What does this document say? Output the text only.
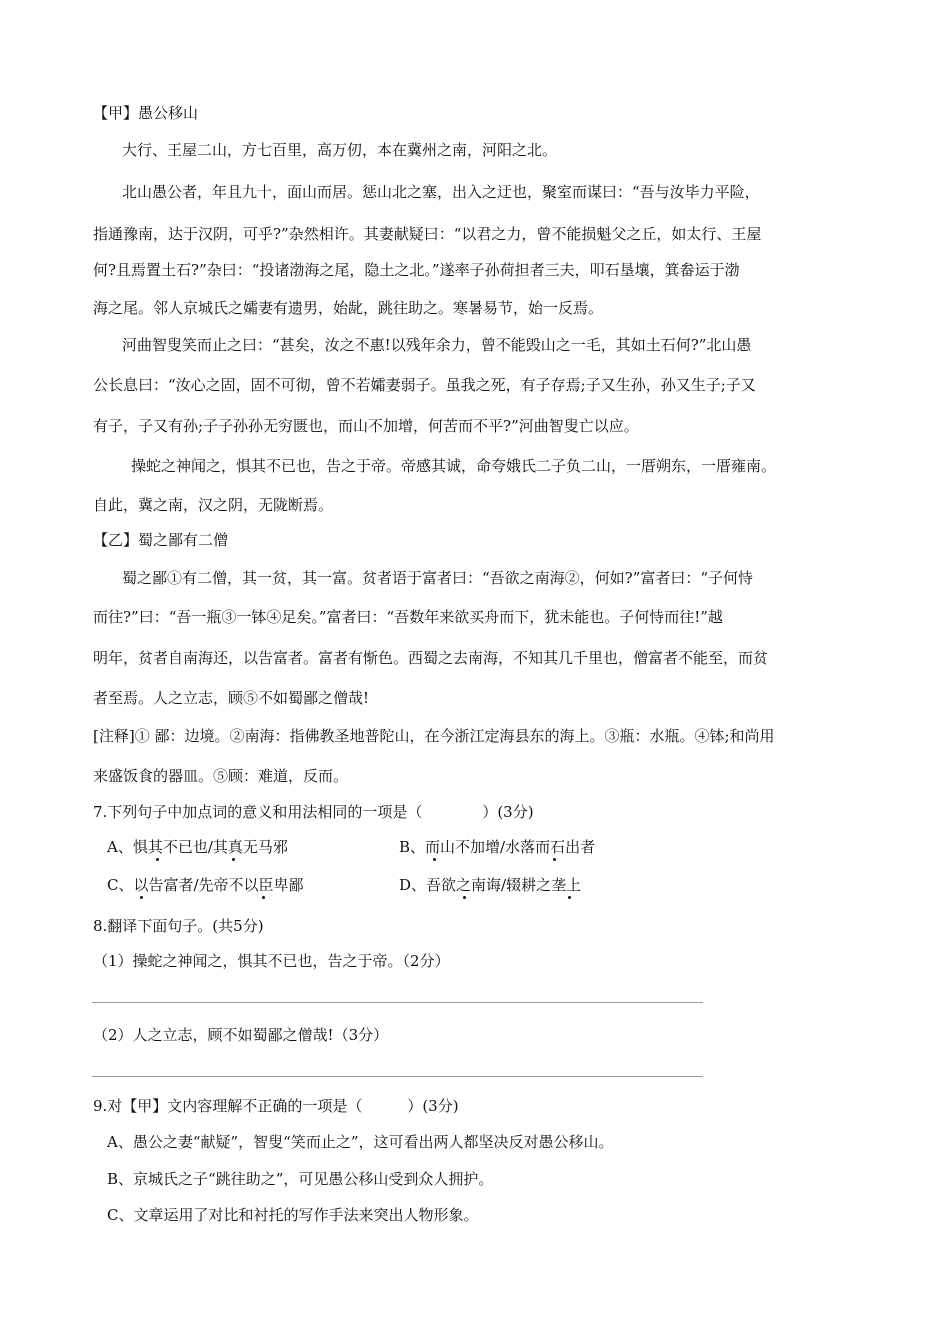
【甲】愚公移山
大行、王屋二山，方七百里，高万仞，本在冀州之南，河阳之北。
北山愚公者，年且九十，面山而居。惩山北之塞，出入之迂也，聚室而谋曰：“吾与汝毕力平险，
指通豫南，达于汉阴，可乎?”杂然相许。其妻献疑曰：“以君之力，曾不能损魁父之丘，如太行、王屋
何?且焉置土石?”杂曰：“投诸渤海之尾，隐土之北。”遂率子孙荷担者三夫，叩石垦壤，箕畚运于渤
海之尾。邻人京城氏之孀妻有遗男，始龀，跳往助之。寒暑易节，始一反焉。
河曲智叟笑而止之曰：“甚矣，汝之不惠!以残年余力，曾不能毁山之一毛，其如土石何?”北山愚
公长息曰：“汝心之固，固不可彻，曾不若孀妻弱子。虽我之死，有子存焉;子又生孙，孙又生子;子又
有子，子又有孙;子子孙孙无穷匮也，而山不加增，何苦而不平?”河曲智叟亡以应。
操蛇之神闻之，惧其不已也，告之于帝。帝感其诚，命夸娥氏二子负二山，一厝朔东，一厝雍南。
自此，冀之南，汉之阴，无陇断焉。
【乙】蜀之鄙有二僧
蜀之鄙①有二僧，其一贫，其一富。贫者语于富者曰：“吾欲之南海②，何如?”富者曰：“子何恃
而往?”曰：“吾一瓶③一钵④足矣。”富者曰：“吾数年来欲买舟而下，犹未能也。子何恃而往!”越
明年，贫者自南海还，以告富者。富者有惭色。西蜀之去南海，不知其几千里也，僧富者不能至，而贫
者至焉。人之立志，顾⑤不如蜀鄙之僧哉!
[注释]① 鄙：边境。②南海：指佛教圣地普陀山，在今浙江定海县东的海上。③瓶：水瓶。④钵;和尚用
来盛饭食的器皿。⑤顾：难道，反而。
7.下列句子中加点词的意义和用法相同的一项是（　　　　）(3分)
A、惧其不已也/其真无马邪	B、而山不加增/水落而石出者
C、以告富者/先帝不以臣卑鄙	D、吾欲之南诲/辍耕之垄上
8.翻译下面句子。(共5分)
（1）操蛇之神闻之，惧其不已也，告之于帝。（2分）
（2）人之立志，顾不如蜀鄙之僧哉!（3分）
9.对【甲】文内容理解不正确的一项是（　　　）(3分)
A、愚公之妻“献疑”，智叟“笑而止之”，这可看出两人都坚决反对愚公移山。
B、京城氏之子“跳往助之”，可见愚公移山受到众人拥护。
C、文章运用了对比和衬托的写作手法来突出人物形象。
